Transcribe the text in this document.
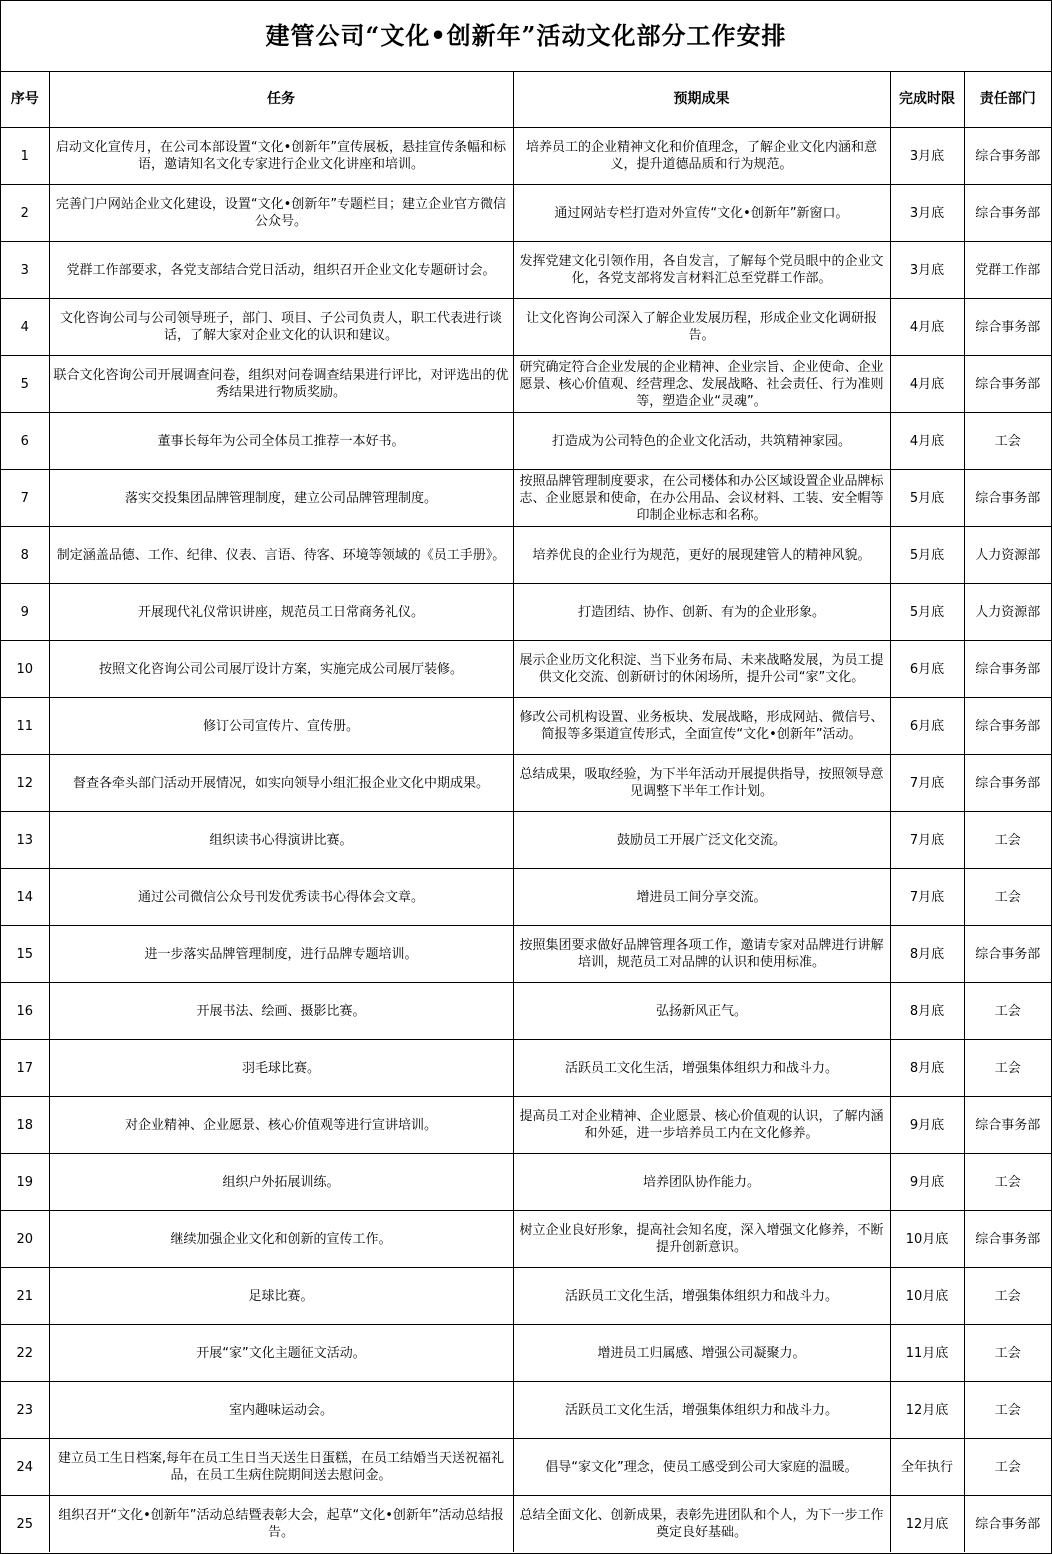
建管公司“文化•创新年”活动文化部分工作安排
序号	任务	预期成果	完成时限	责任部门
1	启动文化宣传月，在公司本部设置“文化•创新年”宣传展板，悬挂宣传条幅和标语，邀请知名文化专家进行企业文化讲座和培训。	培养员工的企业精神文化和价值理念，了解企业文化内涵和意义，提升道德品质和行为规范。	3月底	综合事务部
2	完善门户网站企业文化建设，设置“文化•创新年”专题栏目；建立企业官方微信公众号。	通过网站专栏打造对外宣传“文化•创新年”新窗口。	3月底	综合事务部
3	党群工作部要求，各党支部结合党日活动，组织召开企业文化专题研讨会。	发挥党建文化引领作用，各自发言，了解每个党员眼中的企业文化，各党支部将发言材料汇总至党群工作部。	3月底	党群工作部
4	文化咨询公司与公司领导班子，部门、项目、子公司负责人，职工代表进行谈话，了解大家对企业文化的认识和建议。	让文化咨询公司深入了解企业发展历程，形成企业文化调研报告。	4月底	综合事务部
5	联合文化咨询公司开展调查问卷，组织对问卷调查结果进行评比，对评选出的优秀结果进行物质奖励。	研究确定符合企业发展的企业精神、企业宗旨、企业使命、企业愿景、核心价值观、经营理念、发展战略、社会责任、行为准则等，塑造企业“灵魂”。	4月底	综合事务部
6	董事长每年为公司全体员工推荐一本好书。	打造成为公司特色的企业文化活动，共筑精神家园。	4月底	工会
7	落实交投集团品牌管理制度，建立公司品牌管理制度。	按照品牌管理制度要求，在公司楼体和办公区域设置企业品牌标志、企业愿景和使命，在办公用品、会议材料、工装、安全帽等印制企业标志和名称。	5月底	综合事务部
8	制定涵盖品德、工作、纪律、仪表、言语、待客、环境等领域的《员工手册》。	培养优良的企业行为规范，更好的展现建管人的精神风貌。	5月底	人力资源部
9	开展现代礼仪常识讲座，规范员工日常商务礼仪。	打造团结、协作、创新、有为的企业形象。	5月底	人力资源部
10	按照文化咨询公司公司展厅设计方案，实施完成公司展厅装修。	展示企业历文化积淀、当下业务布局、未来战略发展，为员工提供文化交流、创新研讨的休闲场所，提升公司“家”文化。	6月底	综合事务部
11	修订公司宣传片、宣传册。	修改公司机构设置、业务板块、发展战略，形成网站、微信号、简报等多渠道宣传形式，全面宣传“文化•创新年”活动。	6月底	综合事务部
12	督查各牵头部门活动开展情况，如实向领导小组汇报企业文化中期成果。	总结成果，吸取经验，为下半年活动开展提供指导，按照领导意见调整下半年工作计划。	7月底	综合事务部
13	组织读书心得演讲比赛。	鼓励员工开展广泛文化交流。	7月底	工会
14	通过公司微信公众号刊发优秀读书心得体会文章。	增进员工间分享交流。	7月底	工会
15	进一步落实品牌管理制度，进行品牌专题培训。	按照集团要求做好品牌管理各项工作，邀请专家对品牌进行讲解培训，规范员工对品牌的认识和使用标准。	8月底	综合事务部
16	开展书法、绘画、摄影比赛。	弘扬新风正气。	8月底	工会
17	羽毛球比赛。	活跃员工文化生活，增强集体组织力和战斗力。	8月底	工会
18	对企业精神、企业愿景、核心价值观等进行宣讲培训。	提高员工对企业精神、企业愿景、核心价值观的认识，了解内涵和外延，进一步培养员工内在文化修养。	9月底	综合事务部
19	组织户外拓展训练。	培养团队协作能力。	9月底	工会
20	继续加强企业文化和创新的宣传工作。	树立企业良好形象，提高社会知名度，深入增强文化修养，不断提升创新意识。	10月底	综合事务部
21	足球比赛。	活跃员工文化生活，增强集体组织力和战斗力。	10月底	工会
22	开展“家”文化主题征文活动。	增进员工归属感、增强公司凝聚力。	11月底	工会
23	室内趣味运动会。	活跃员工文化生活，增强集体组织力和战斗力。	12月底	工会
24	建立员工生日档案,每年在员工生日当天送生日蛋糕，在员工结婚当天送祝福礼品，在员工生病住院期间送去慰问金。	倡导“家文化”理念，使员工感受到公司大家庭的温暖。	全年执行	工会
25	组织召开“文化•创新年”活动总结暨表彰大会，起草“文化•创新年”活动总结报告。	总结全面文化、创新成果，表彰先进团队和个人，为下一步工作奠定良好基础。	12月底	综合事务部
